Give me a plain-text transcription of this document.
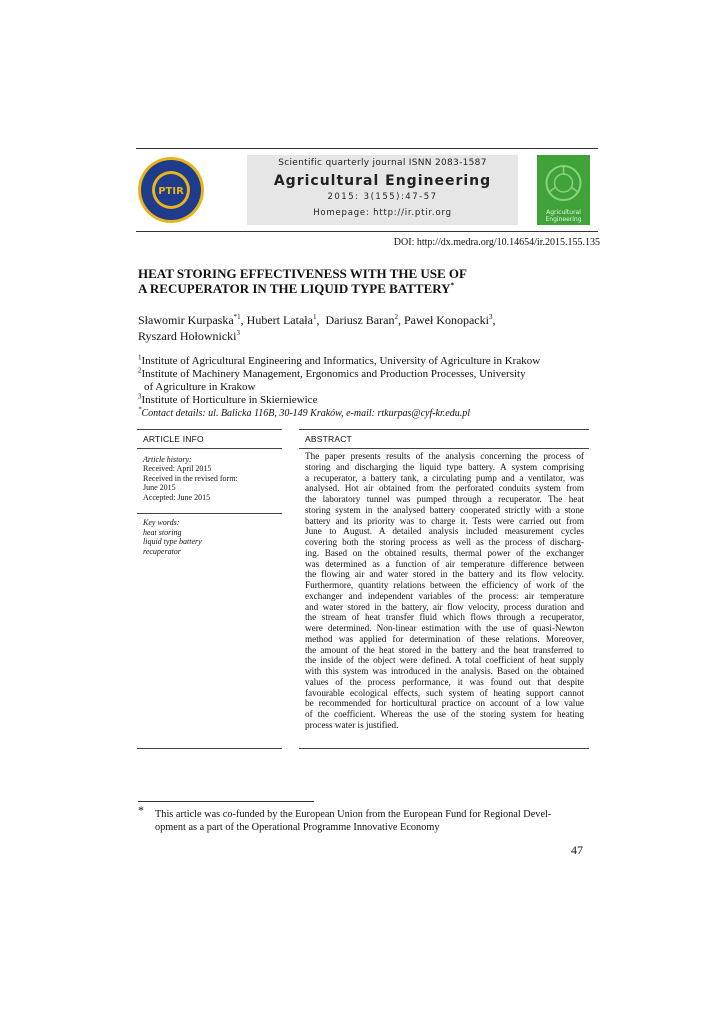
PTIR
Scientific quarterly journal ISNN 2083-1587
Agricultural Engineering
2015: 3(155):47-57
Homepage: http://ir.ptir.org	Agricultural
Engineering
DOI: http://dx.medra.org/10.14654/ir.2015.155.135
HEAT STORING EFFECTIVENESS WITH THE USE OF
A RECUPERATOR IN THE LIQUID TYPE BATTERY*
Sławomir Kurpaska$^{*1}$, Hubert Latała$^1$,  Dariusz Baran$^2$, Paweł Konopacki$^3$,
Ryszard Hołownicki$^3$
$^1$Institute of Agricultural Engineering and Informatics, University of Agriculture in Krakow
$^2$Institute of Machinery Management, Ergonomics and Production Processes, University
of Agriculture in Krakow
$^3$Institute of Horticulture in Skierniewice
*Contact details: ul. Balicka 116B, 30-149 Kraków, e-mail: rtkurpas@cyf-kr.edu.pl
ARTICLE INFO	ABSTRACT
Article history:
Received: April 2015
Received in the revised form:
June 2015
Accepted: June 2015
Key words:
heat storing
liquid type battery
recuperator
The paper presents results of the analysis concerning the process of
storing and discharging the liquid type battery. A system comprising
a recuperator, a battery tank, a circulating pump and a ventilator, was
analysed. Hot air obtained from the perforated conduits system from
the laboratory tunnel was pumped through a recuperator. The heat
storing system in the analysed battery cooperated strictly with a stone
battery and its priority was to charge it. Tests were carried out from
June to August. A detailed analysis included measurement cycles
covering both the storing process as well as the process of discharg-
ing. Based on the obtained results, thermal power of the exchanger
was determined as a function of air temperature difference between
the flowing air and water stored in the battery and its flow velocity.
Furthermore, quantity relations between the efficiency of work of the
exchanger and independent variables of the process: air temperature
and water stored in the battery, air flow velocity, process duration and
the stream of heat transfer fluid which flows through a recuperator,
were determined. Non-linear estimation with the use of quasi-Newton
method was applied for determination of these relations. Moreover,
the amount of the heat stored in the battery and the heat transferred to
the inside of the object were defined. A total coefficient of heat supply
with this system was introduced in the analysis. Based on the obtained
values of the process performance, it was found out that despite
favourable ecological effects, such system of heating support cannot
be recommended for horticultural practice on account of a low value
of the coefficient. Whereas the use of the storing system for heating
process water is justified.
* This article was co-funded by the European Union from the European Fund for Regional Devel-
opment as a part of the Operational Programme Innovative Economy
47
